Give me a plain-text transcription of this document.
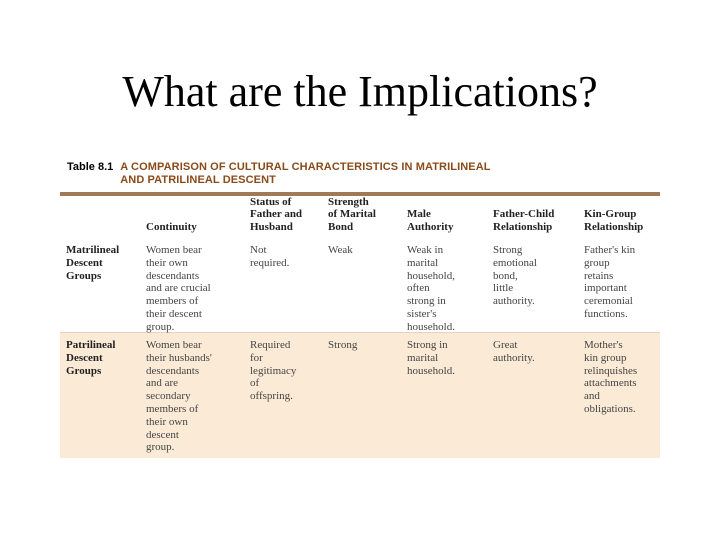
What are the Implications?
Table 8.1 A COMPARISON OF CULTURAL CHARACTERISTICS IN MATRILINEAL
AND PATRILINEAL DESCENT
Continuity
Status of
Father and
Husband
Strength
of Marital
Bond
Male
Authority
Father-Child
Relationship
Kin-Group
Relationship
Matrilineal
Descent
Groups
Women bear
their own
descendants
and are crucial
members of
their descent
group.
Not
required.
Weak	Weak in
marital
household,
often
strong in
sister's
household.
Strong
emotional
bond,
little
authority.
Father's kin
group
retains
important
ceremonial
functions.
Patrilineal
Descent
Groups
Women bear
their husbands'
descendants
and are
secondary
members of
their own
descent
group.
Required
for
legitimacy
of
offspring.
Strong	Strong in
marital
household.
Great
authority.
Mother's
kin group
relinquishes
attachments
and
obligations.
